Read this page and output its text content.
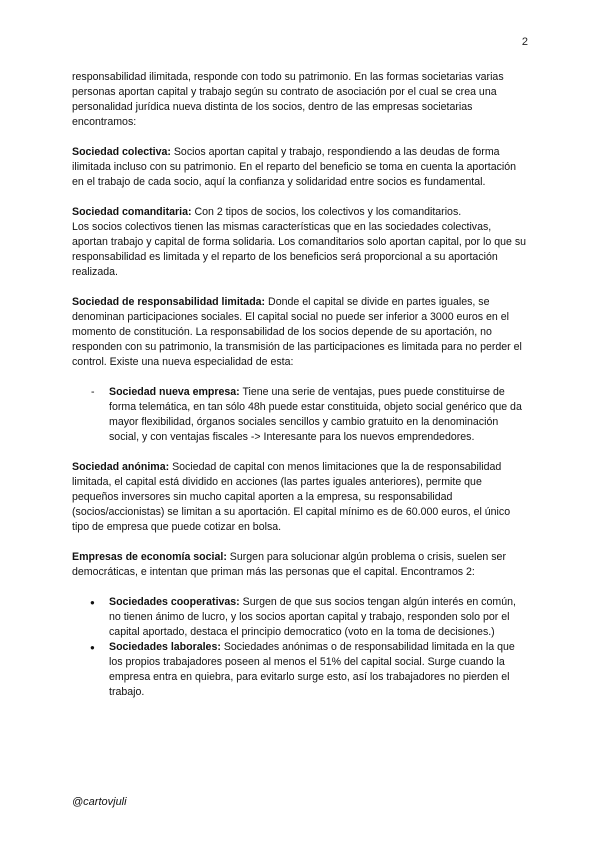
2

responsabilidad ilimitada, responde con todo su patrimonio. En las formas societarias varias personas aportan capital y trabajo según su contrato de asociación por el cual se crea una personalidad jurídica nueva distinta de los socios, dentro de las empresas societarias encontramos:

Sociedad colectiva: Socios aportan capital y trabajo, respondiendo a las deudas de forma ilimitada incluso con su patrimonio. En el reparto del beneficio se toma en cuenta la aportación en el trabajo de cada socio, aquí la confianza y solidaridad entre socios es fundamental.

Sociedad comanditaria: Con 2 tipos de socios, los colectivos y los comanditarios.
Los socios colectivos tienen las mismas características que en las sociedades colectivas, aportan trabajo y capital de forma solidaria. Los comanditarios solo aportan capital, por lo que su responsabilidad es limitada y el reparto de los beneficios será proporcional a su aportación realizada.

Sociedad de responsabilidad limitada: Donde el capital se divide en partes iguales, se denominan participaciones sociales. El capital social no puede ser inferior a 3000 euros en el momento de constitución. La responsabilidad de los socios depende de su aportación, no responden con su patrimonio, la transmisión de las participaciones es limitada para no perder el control. Existe una nueva especialidad de esta:

- Sociedad nueva empresa: Tiene una serie de ventajas, pues puede constituirse de forma telemática, en tan sólo 48h puede estar constituida, objeto social genérico que da mayor flexibilidad, órganos sociales sencillos y cambio gratuito en la denominación social, y con ventajas fiscales -> Interesante para los nuevos emprendedores.

Sociedad anónima: Sociedad de capital con menos limitaciones que la de responsabilidad limitada, el capital está dividido en acciones (las partes iguales anteriores), permite que pequeños inversores sin mucho capital aporten a la empresa, su responsabilidad (socios/accionistas) se limitan a su aportación. El capital mínimo es de 60.000 euros, el único tipo de empresa que puede cotizar en bolsa.

Empresas de economía social: Surgen para solucionar algún problema o crisis, suelen ser democráticas, e intentan que priman más las personas que el capital. Encontramos 2:

● Sociedades cooperativas: Surgen de que sus socios tengan algún interés en común, no tienen ánimo de lucro, y los socios aportan capital y trabajo, responden solo por el capital aportado, destaca el principio democratico (voto en la toma de decisiones.)
● Sociedades laborales: Sociedades anónimas o de responsabilidad limitada en la que los propios trabajadores poseen al menos el 51% del capital social. Surge cuando la empresa entra en quiebra, para evitarlo surge esto, así los trabajadores no pierden el trabajo.
@cartovjuli
